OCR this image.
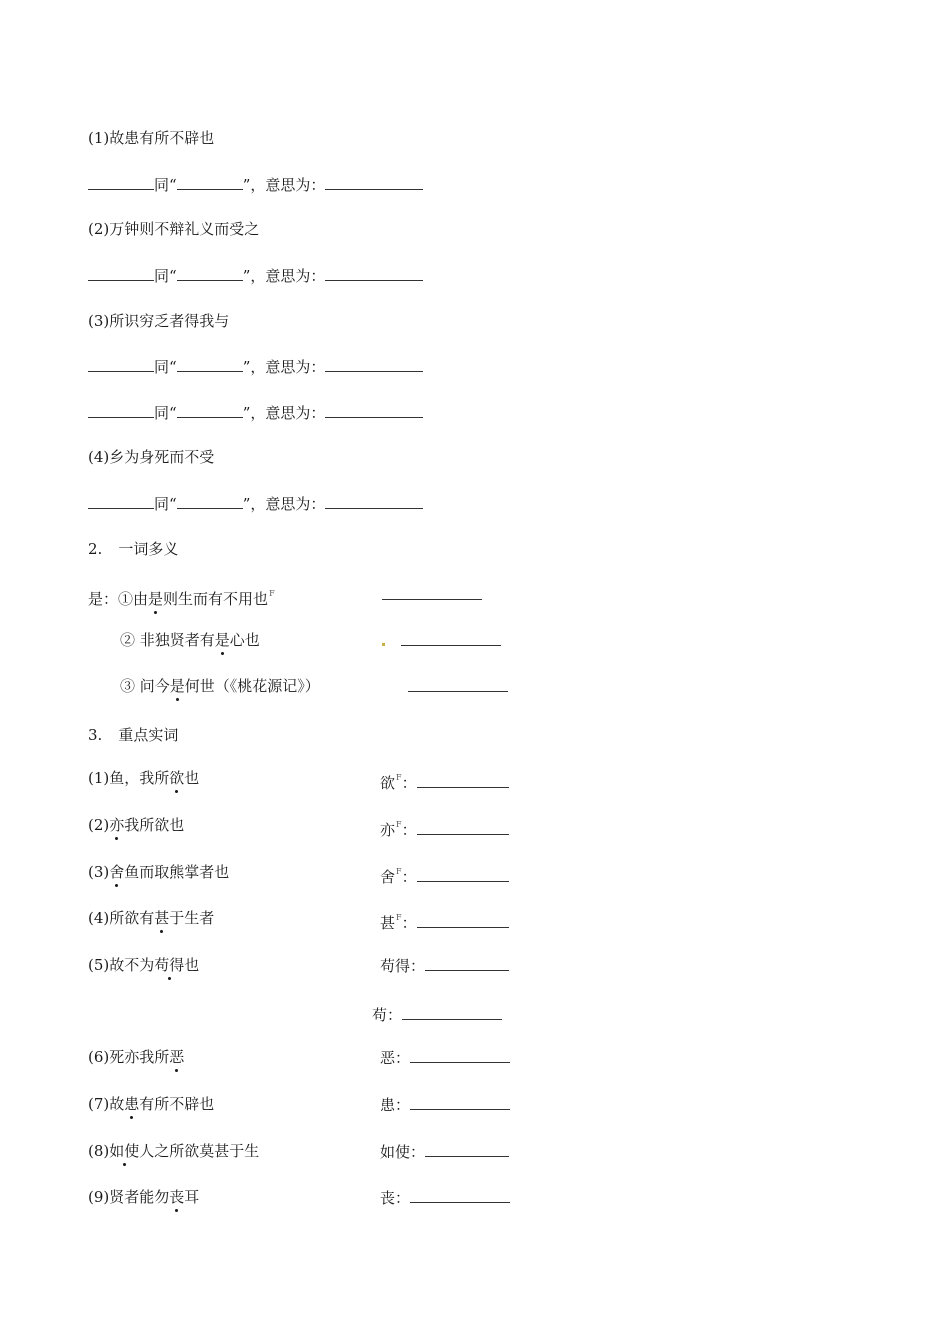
(1)故患有所不辟也
同“	”，意思为：
(2)万钟则不辩礼义而受之
同“	”，意思为：
(3)所识穷乏者得我与
同“	”，意思为：
同“	”，意思为：
(4)乡为身死而不受
同“	”，意思为：
2. 一词多义
是：①由是则生而有不用也$^F$
② 非独贤者有是心也
③ 问今是何世（《桃花源记》）
3. 重点实词
(1)鱼，我所欲也	欲$^F$：
(2)亦我所欲也	亦$^F$：
(3)舍鱼而取熊掌者也	舍$^F$：
(4)所欲有甚于生者	甚$^F$：
(5)故不为苟得也	苟得：
苟：
(6)死亦我所恶	恶：
(7)故患有所不辟也	患：
(8)如使人之所欲莫甚于生	如使：
(9)贤者能勿丧耳	丧：
